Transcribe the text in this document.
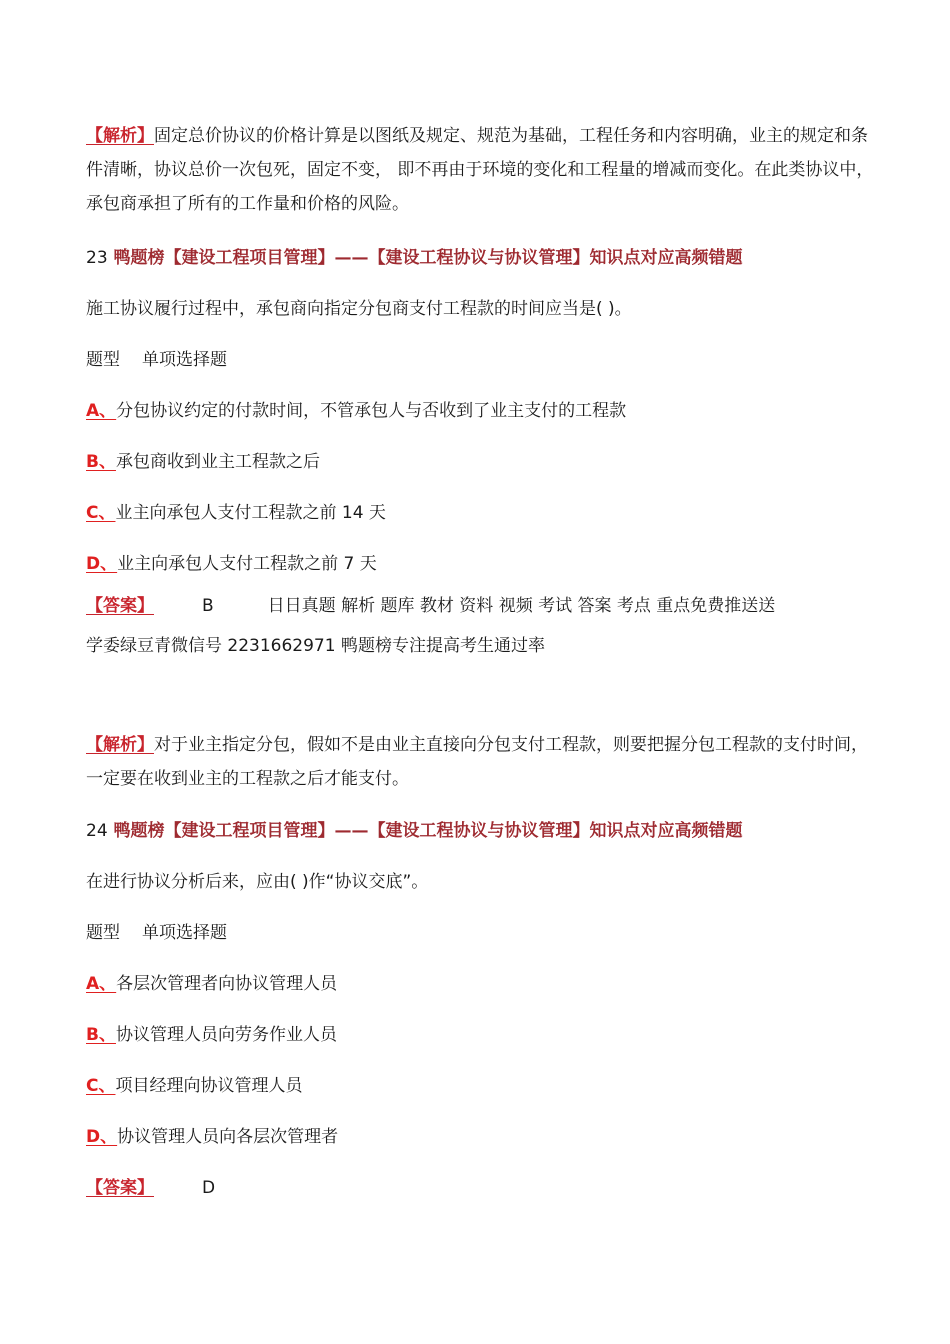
【解析】固定总价协议的价格计算是以图纸及规定、规范为基础，工程任务和内容明确，业主的规定和条件清晰，协议总价一次包死，固定不变， 即不再由于环境的变化和工程量的增减而变化。在此类协议中，承包商承担了所有的工作量和价格的风险。

23 鸭题榜【建设工程项目管理】——【建设工程协议与协议管理】知识点对应高频错题

施工协议履行过程中，承包商向指定分包商支付工程款的时间应当是( )。

题型 单项选择题

A、分包协议约定的付款时间，不管承包人与否收到了业主支付的工程款

B、承包商收到业主工程款之后

C、业主向承包人支付工程款之前 14 天

D、业主向承包人支付工程款之前 7 天

【答案】	B	日日真题 解析 题库 教材 资料 视频 考试 答案 考点 重点免费推送送

学委绿豆青微信号 2231662971 鸭题榜专注提高考生通过率

【解析】对于业主指定分包，假如不是由业主直接向分包支付工程款，则要把握分包工程款的支付时间，一定要在收到业主的工程款之后才能支付。

24 鸭题榜【建设工程项目管理】——【建设工程协议与协议管理】知识点对应高频错题

在进行协议分析后来，应由( )作“协议交底”。

题型 单项选择题

A、各层次管理者向协议管理人员

B、协议管理人员向劳务作业人员

C、项目经理向协议管理人员

D、协议管理人员向各层次管理者

【答案】	D
